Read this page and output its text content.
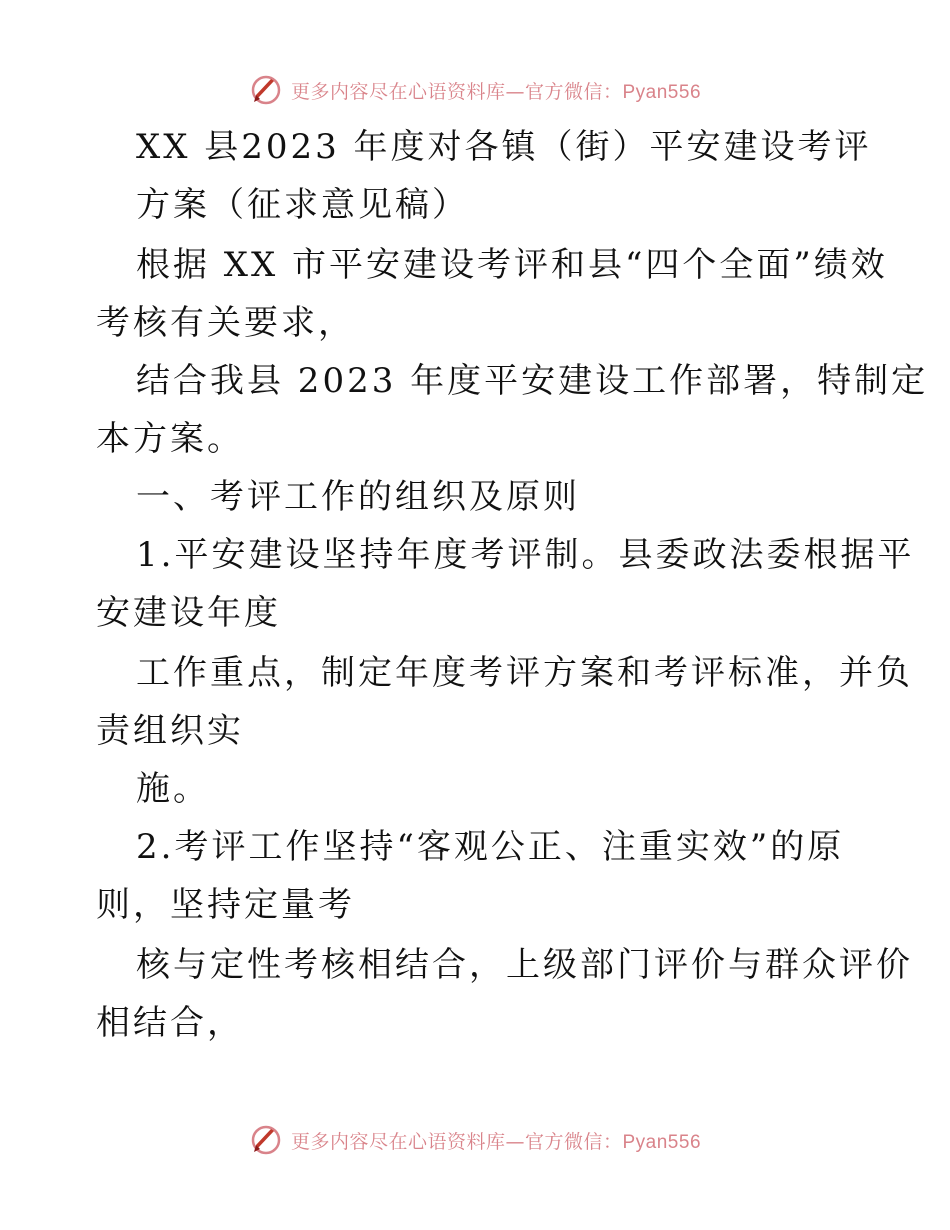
更多内容尽在心语资料库—官方微信：Pyan556
XX 县2023 年度对各镇（街）平安建设考评
方案（征求意见稿）
根据 XX 市平安建设考评和县“四个全面”绩效
考核有关要求，
结合我县 2023 年度平安建设工作部署，特制定
本方案。
一、考评工作的组织及原则
1.平安建设坚持年度考评制。县委政法委根据平
安建设年度
工作重点，制定年度考评方案和考评标准，并负
责组织实
施。
2.考评工作坚持“客观公正、注重实效”的原
则，坚持定量考
核与定性考核相结合，上级部门评价与群众评价
相结合，
更多内容尽在心语资料库—官方微信：Pyan556
